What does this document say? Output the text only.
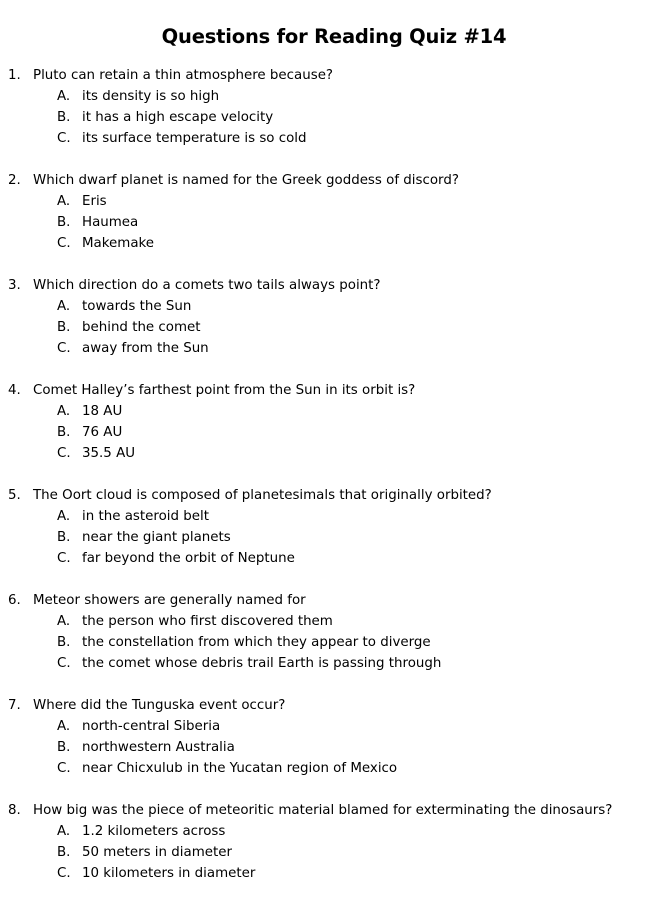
Questions for Reading Quiz #14
1. Pluto can retain a thin atmosphere because?
A. its density is so high
B. it has a high escape velocity
C. its surface temperature is so cold
2. Which dwarf planet is named for the Greek goddess of discord?
A. Eris
B. Haumea
C. Makemake
3. Which direction do a comets two tails always point?
A. towards the Sun
B. behind the comet
C. away from the Sun
4. Comet Halley’s farthest point from the Sun in its orbit is?
A. 18 AU
B. 76 AU
C. 35.5 AU
5. The Oort cloud is composed of planetesimals that originally orbited?
A. in the asteroid belt
B. near the giant planets
C. far beyond the orbit of Neptune
6. Meteor showers are generally named for
A. the person who first discovered them
B. the constellation from which they appear to diverge
C. the comet whose debris trail Earth is passing through
7. Where did the Tunguska event occur?
A. north-central Siberia
B. northwestern Australia
C. near Chicxulub in the Yucatan region of Mexico
8. How big was the piece of meteoritic material blamed for exterminating the dinosaurs?
A. 1.2 kilometers across
B. 50 meters in diameter
C. 10 kilometers in diameter
